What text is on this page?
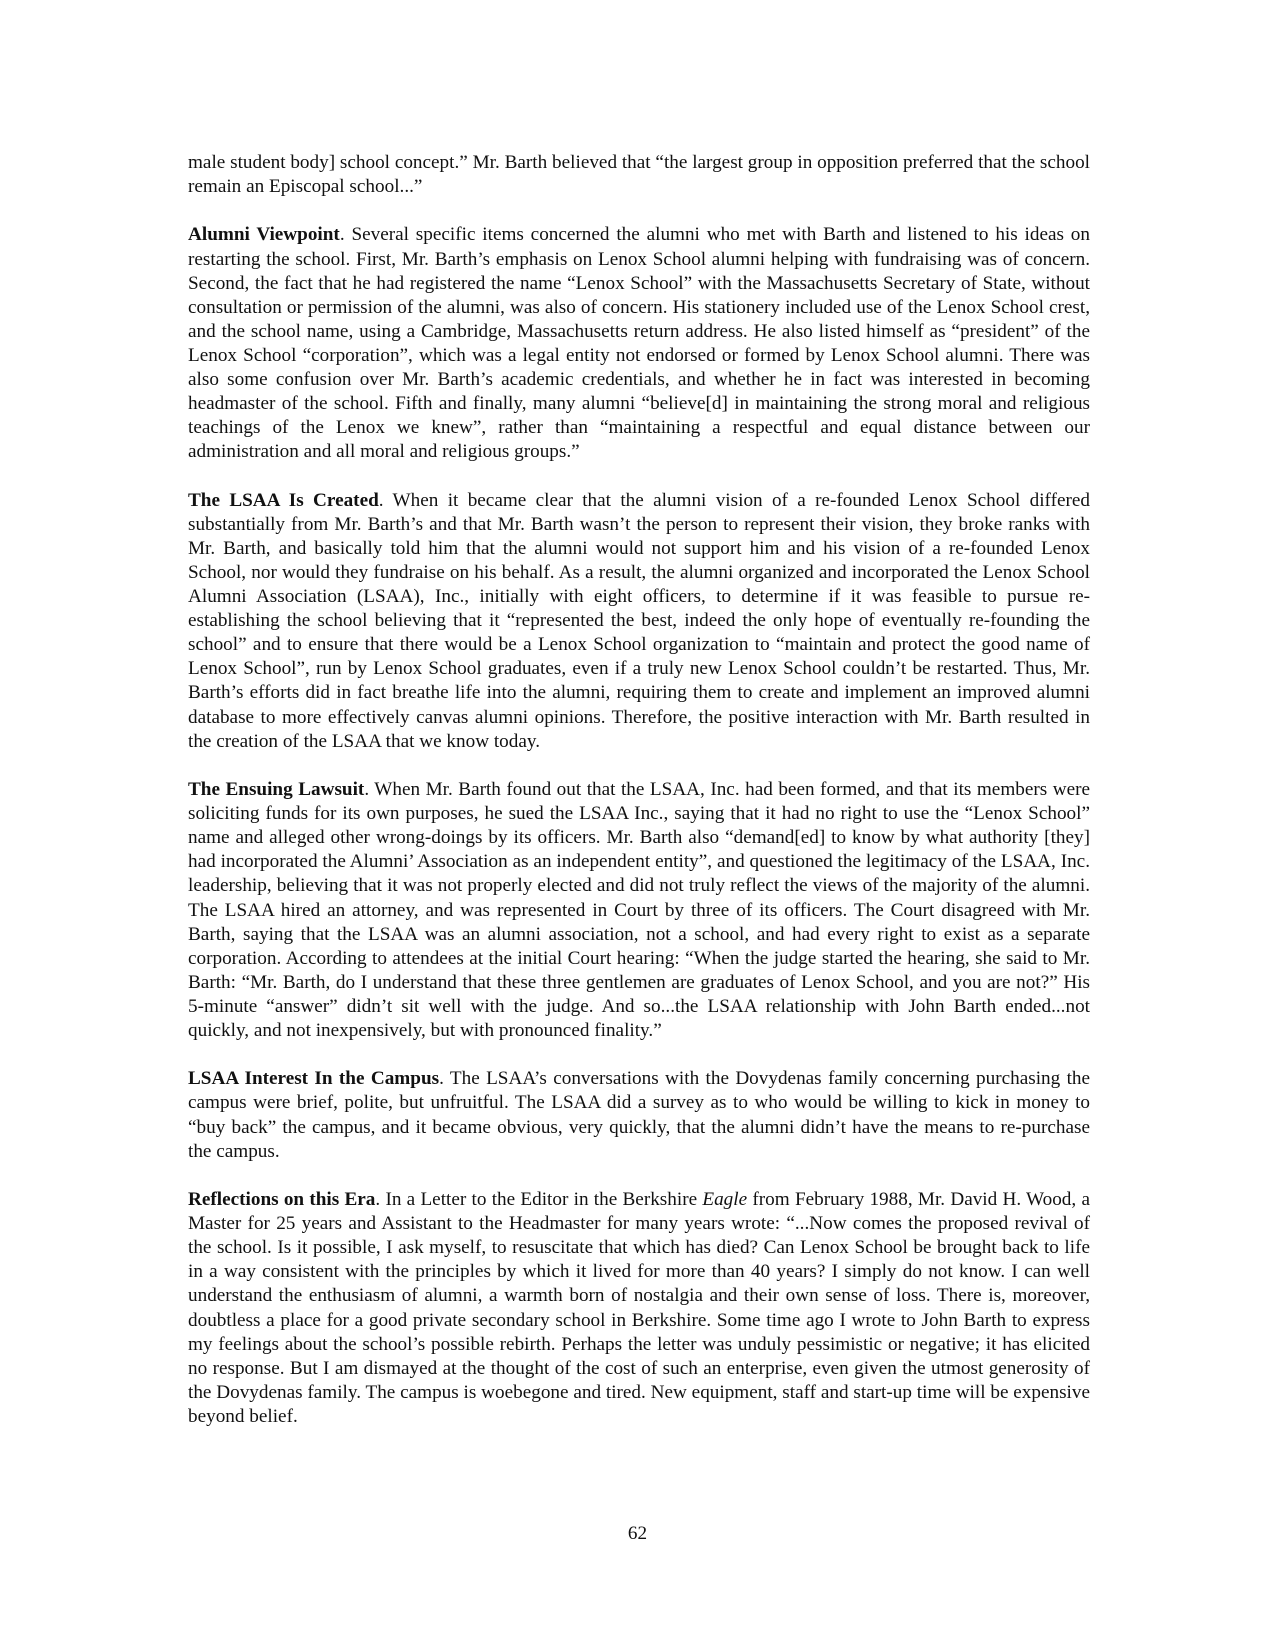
male student body] school concept.” Mr. Barth believed that “the largest group in opposition preferred that the school remain an Episcopal school...”

Alumni Viewpoint. Several specific items concerned the alumni who met with Barth and listened to his ideas on restarting the school. First, Mr. Barth’s emphasis on Lenox School alumni helping with fundraising was of concern. Second, the fact that he had registered the name “Lenox School” with the Massachusetts Secretary of State, without consultation or permission of the alumni, was also of concern. His stationery included use of the Lenox School crest, and the school name, using a Cambridge, Massachusetts return address. He also listed himself as “president” of the Lenox School “corporation”, which was a legal entity not endorsed or formed by Lenox School alumni. There was also some confusion over Mr. Barth’s academic credentials, and whether he in fact was interested in becoming headmaster of the school. Fifth and finally, many alumni “believe[d] in maintaining the strong moral and religious teachings of the Lenox we knew”, rather than “maintaining a respectful and equal distance between our administration and all moral and religious groups.”

The LSAA Is Created. When it became clear that the alumni vision of a re-founded Lenox School differed substantially from Mr. Barth’s and that Mr. Barth wasn’t the person to represent their vision, they broke ranks with Mr. Barth, and basically told him that the alumni would not support him and his vision of a re-founded Lenox School, nor would they fundraise on his behalf. As a result, the alumni organized and incorporated the Lenox School Alumni Association (LSAA), Inc., initially with eight officers, to determine if it was feasible to pursue re-establishing the school believing that it “represented the best, indeed the only hope of eventually re-founding the school” and to ensure that there would be a Lenox School organization to “maintain and protect the good name of Lenox School”, run by Lenox School graduates, even if a truly new Lenox School couldn’t be restarted. Thus, Mr. Barth’s efforts did in fact breathe life into the alumni, requiring them to create and implement an improved alumni database to more effectively canvas alumni opinions. Therefore, the positive interaction with Mr. Barth resulted in the creation of the LSAA that we know today.

The Ensuing Lawsuit. When Mr. Barth found out that the LSAA, Inc. had been formed, and that its members were soliciting funds for its own purposes, he sued the LSAA Inc., saying that it had no right to use the “Lenox School” name and alleged other wrong-doings by its officers. Mr. Barth also “demand[ed] to know by what authority [they] had incorporated the Alumni’ Association as an independent entity”, and questioned the legitimacy of the LSAA, Inc. leadership, believing that it was not properly elected and did not truly reflect the views of the majority of the alumni. The LSAA hired an attorney, and was represented in Court by three of its officers. The Court disagreed with Mr. Barth, saying that the LSAA was an alumni association, not a school, and had every right to exist as a separate corporation. According to attendees at the initial Court hearing: “When the judge started the hearing, she said to Mr. Barth: “Mr. Barth, do I understand that these three gentlemen are graduates of Lenox School, and you are not?” His 5-minute “answer” didn’t sit well with the judge. And so...the LSAA relationship with John Barth ended...not quickly, and not inexpensively, but with pronounced finality.”

LSAA Interest In the Campus. The LSAA’s conversations with the Dovydenas family concerning purchasing the campus were brief, polite, but unfruitful. The LSAA did a survey as to who would be willing to kick in money to “buy back” the campus, and it became obvious, very quickly, that the alumni didn’t have the means to re-purchase the campus.

Reflections on this Era. In a Letter to the Editor in the Berkshire Eagle from February 1988, Mr. David H. Wood, a Master for 25 years and Assistant to the Headmaster for many years wrote: “...Now comes the proposed revival of the school. Is it possible, I ask myself, to resuscitate that which has died? Can Lenox School be brought back to life in a way consistent with the principles by which it lived for more than 40 years? I simply do not know. I can well understand the enthusiasm of alumni, a warmth born of nostalgia and their own sense of loss. There is, moreover, doubtless a place for a good private secondary school in Berkshire. Some time ago I wrote to John Barth to express my feelings about the school’s possible rebirth. Perhaps the letter was unduly pessimistic or negative; it has elicited no response. But I am dismayed at the thought of the cost of such an enterprise, even given the utmost generosity of the Dovydenas family. The campus is woebegone and tired. New equipment, staff and start-up time will be expensive beyond belief.

62
